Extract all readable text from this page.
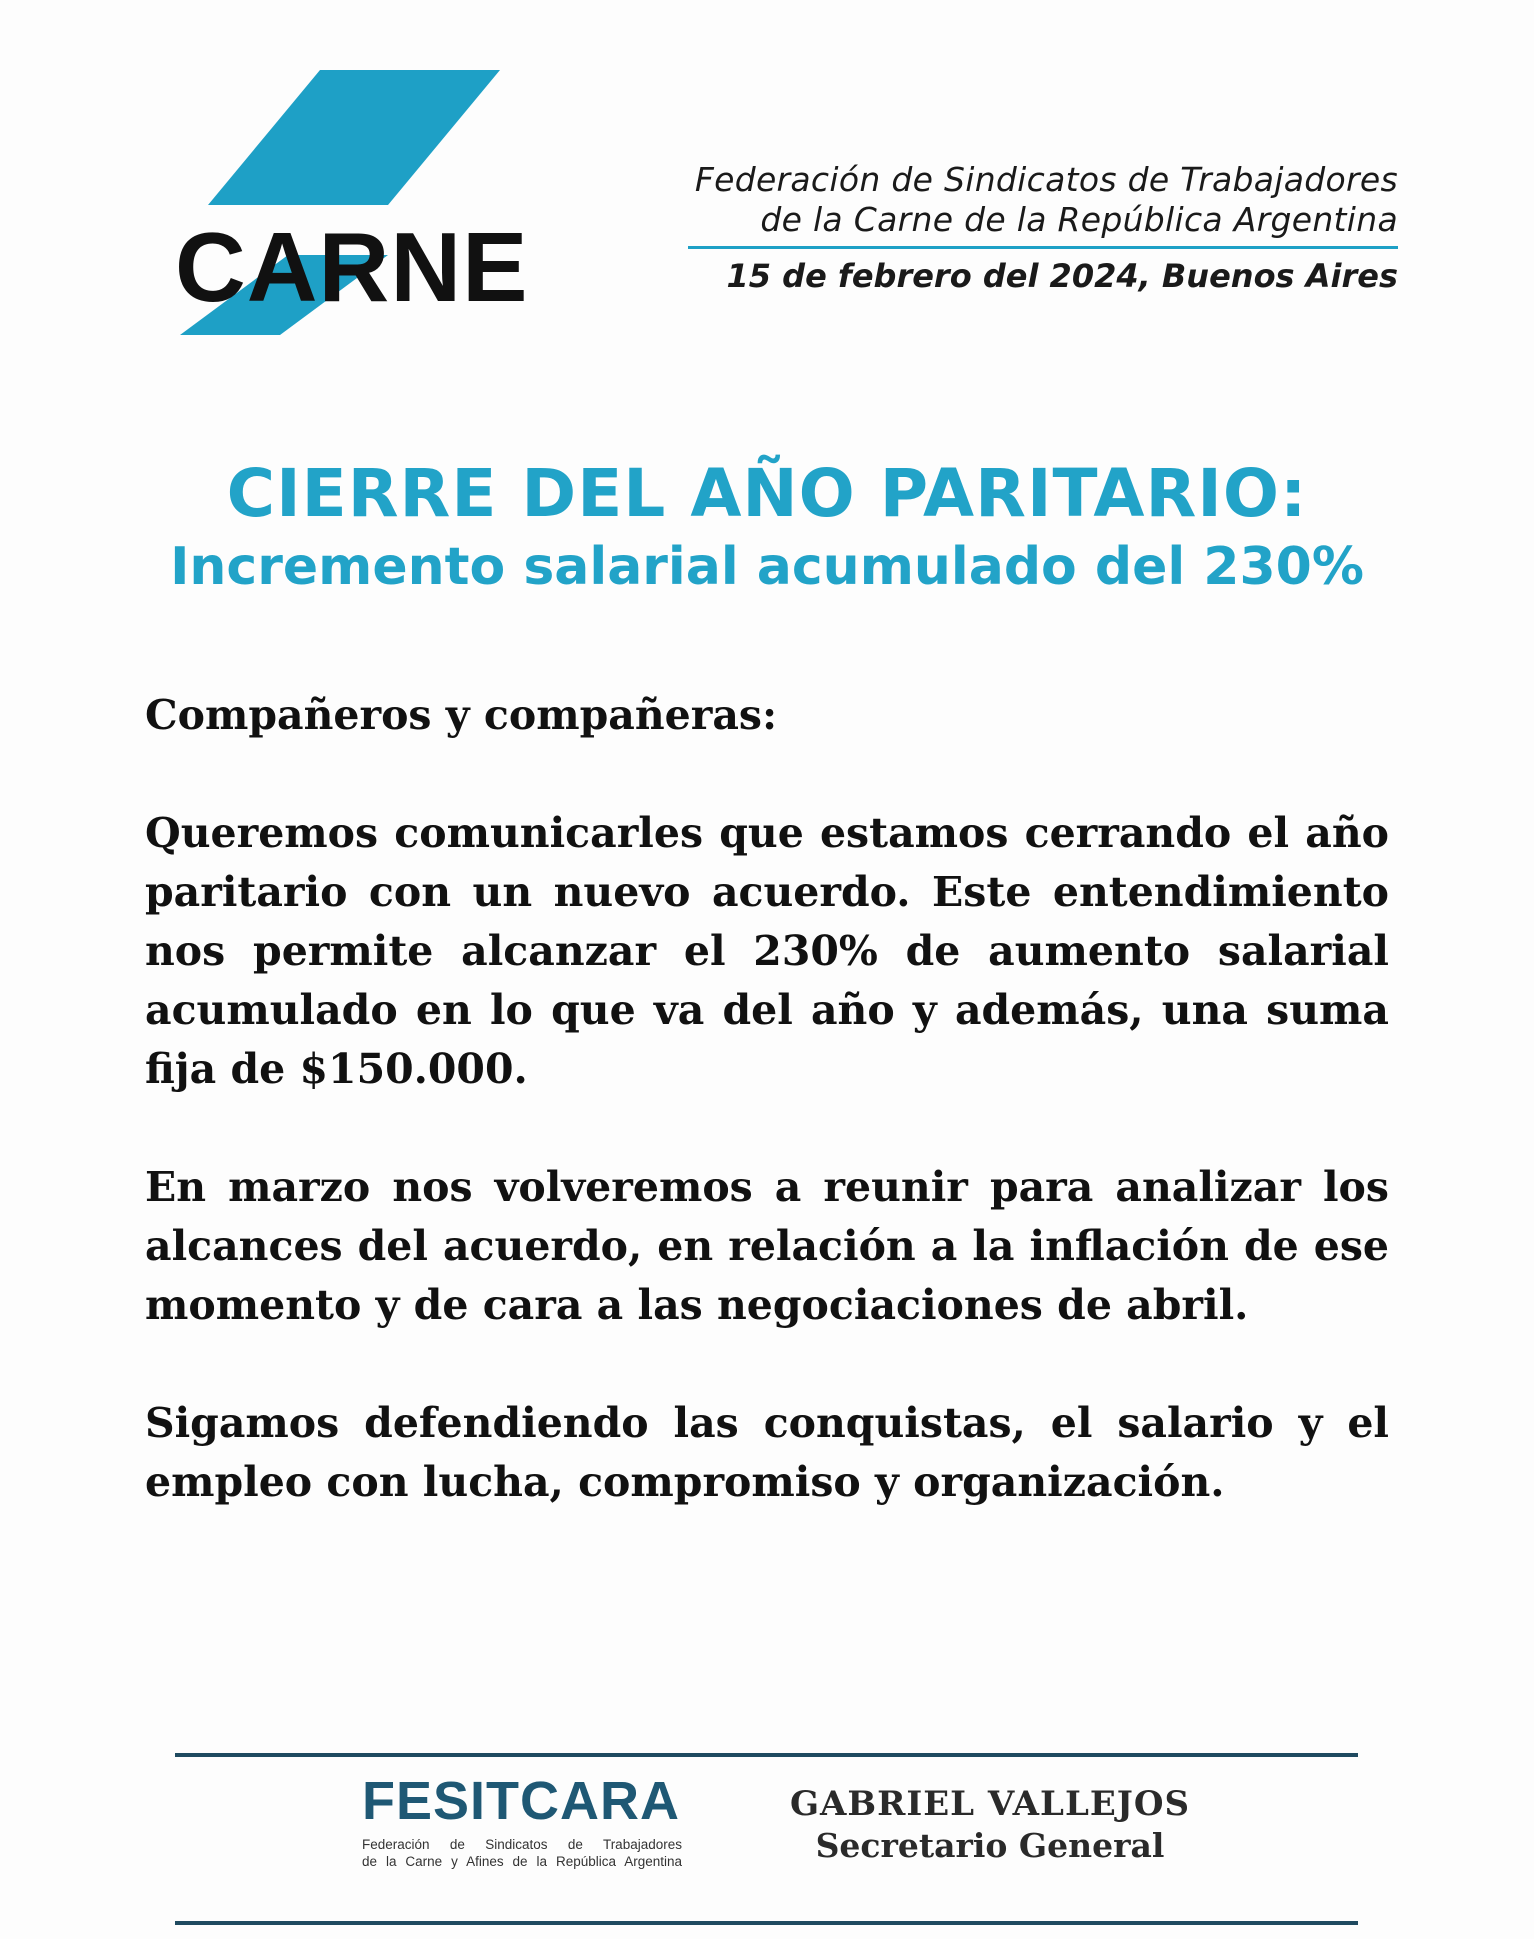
CARNE
Federación de Sindicatos de Trabajadores
de la Carne de la República Argentina
15 de febrero del 2024, Buenos Aires
CIERRE DEL AÑO PARITARIO:
Incremento salarial acumulado del 230%
Compañeros y compañeras:

Queremos comunicarles que estamos cerrando el año paritario con un nuevo acuerdo. Este entendimiento nos permite alcanzar el 230% de aumento salarial acumulado en lo que va del año y además, una suma fija de $150.000.

En marzo nos volveremos a reunir para analizar los alcances del acuerdo, en relación a la inflación de ese momento y de cara a las negociaciones de abril.

Sigamos defendiendo las conquistas, el salario y el empleo con lucha, compromiso y organización.

FESITCARA
Federación de Sindicatos de Trabajadores
de la Carne y Afines de la República Argentina
GABRIEL VALLEJOS
Secretario General
